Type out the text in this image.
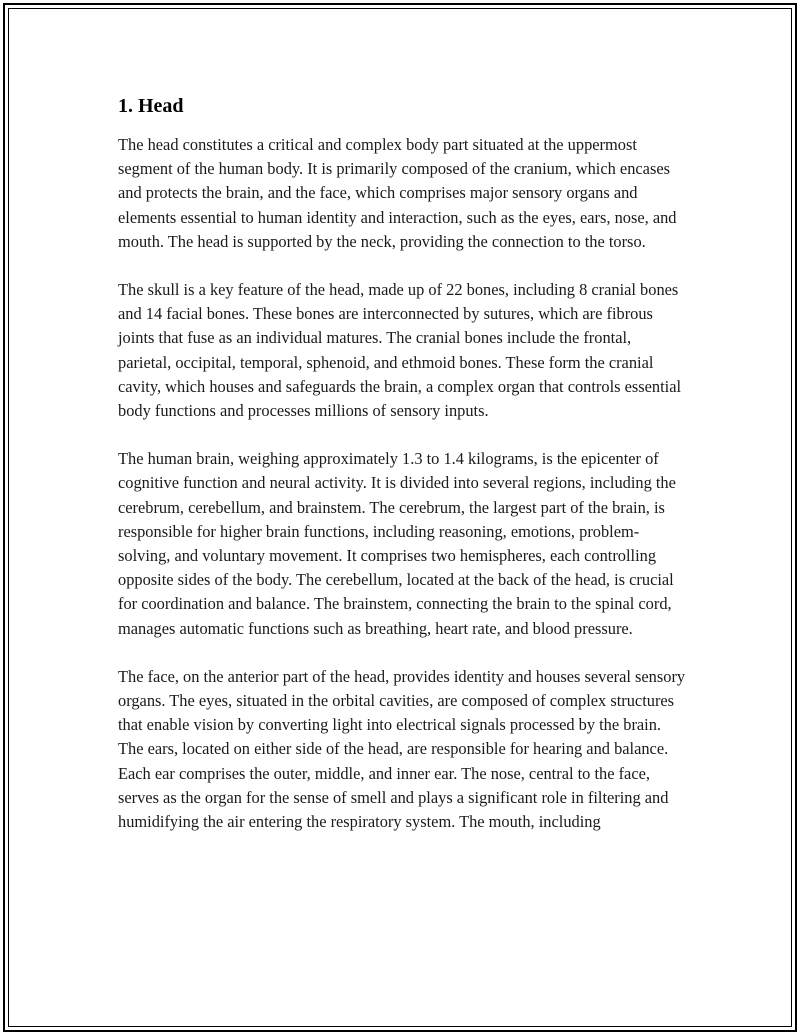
1. Head

The head constitutes a critical and complex body part situated at the uppermost segment of the human body. It is primarily composed of the cranium, which encases and protects the brain, and the face, which comprises major sensory organs and elements essential to human identity and interaction, such as the eyes, ears, nose, and mouth. The head is supported by the neck, providing the connection to the torso.

The skull is a key feature of the head, made up of 22 bones, including 8 cranial bones and 14 facial bones. These bones are interconnected by sutures, which are fibrous joints that fuse as an individual matures. The cranial bones include the frontal, parietal, occipital, temporal, sphenoid, and ethmoid bones. These form the cranial cavity, which houses and safeguards the brain, a complex organ that controls essential body functions and processes millions of sensory inputs.

The human brain, weighing approximately 1.3 to 1.4 kilograms, is the epicenter of cognitive function and neural activity. It is divided into several regions, including the cerebrum, cerebellum, and brainstem. The cerebrum, the largest part of the brain, is responsible for higher brain functions, including reasoning, emotions, problem-solving, and voluntary movement. It comprises two hemispheres, each controlling opposite sides of the body. The cerebellum, located at the back of the head, is crucial for coordination and balance. The brainstem, connecting the brain to the spinal cord, manages automatic functions such as breathing, heart rate, and blood pressure.

The face, on the anterior part of the head, provides identity and houses several sensory organs. The eyes, situated in the orbital cavities, are composed of complex structures that enable vision by converting light into electrical signals processed by the brain. The ears, located on either side of the head, are responsible for hearing and balance. Each ear comprises the outer, middle, and inner ear. The nose, central to the face, serves as the organ for the sense of smell and plays a significant role in filtering and humidifying the air entering the respiratory system. The mouth, including
